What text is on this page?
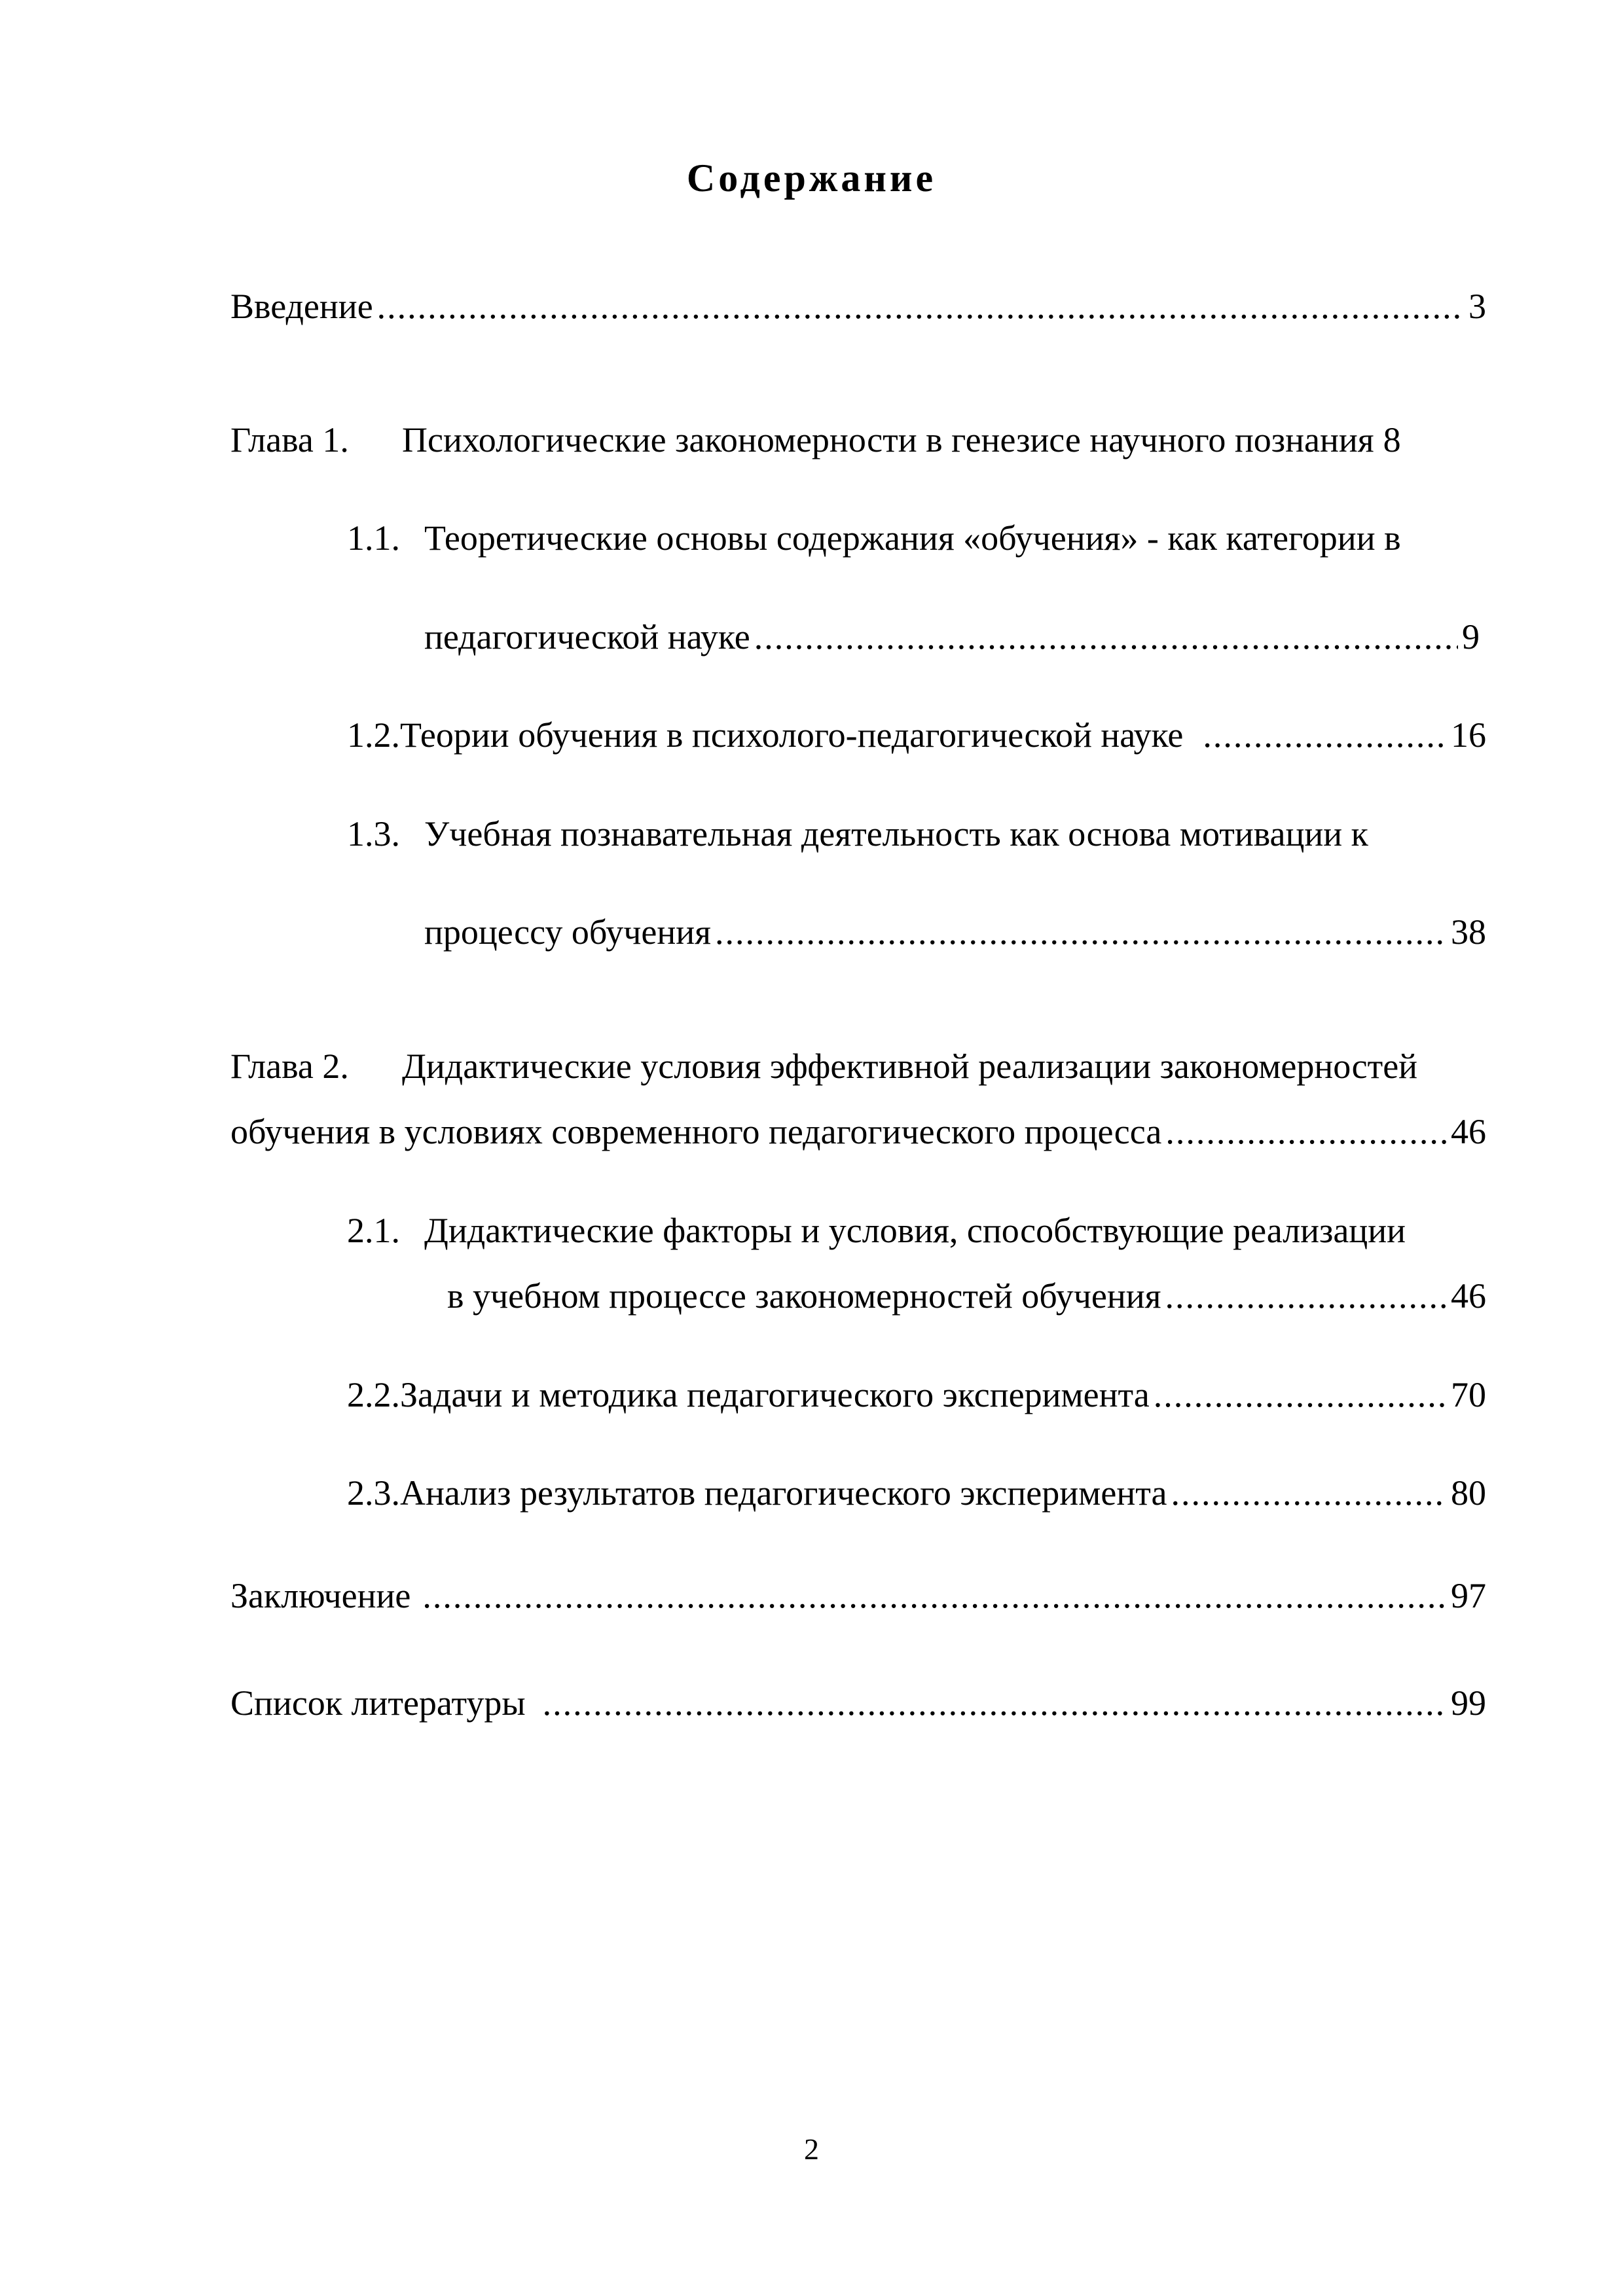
Содержание
Введение .....	3
Глава 1.	Психологические закономерности в генезисе научного познания 8
1.1. Теоретические основы содержания «обучения» - как категории в
педагогической науке .....	9
1.2. Теории обучения в психолого-педагогической науке .....	16
1.3. Учебная познавательная деятельность как основа мотивации к
процессу обучения .....	38
Глава 2. Дидактические условия эффективной реализации закономерностей
обучения в условиях современного педагогического процесса .....	46
2.1. Дидактические факторы и условия, способствующие реализации
в учебном процессе закономерностей обучения .....	46
2.2. Задачи и методика педагогического эксперимента .....	70
2.3. Анализ результатов педагогического эксперимента .....	80
Заключение .....	97
Список литературы .....	99
2
